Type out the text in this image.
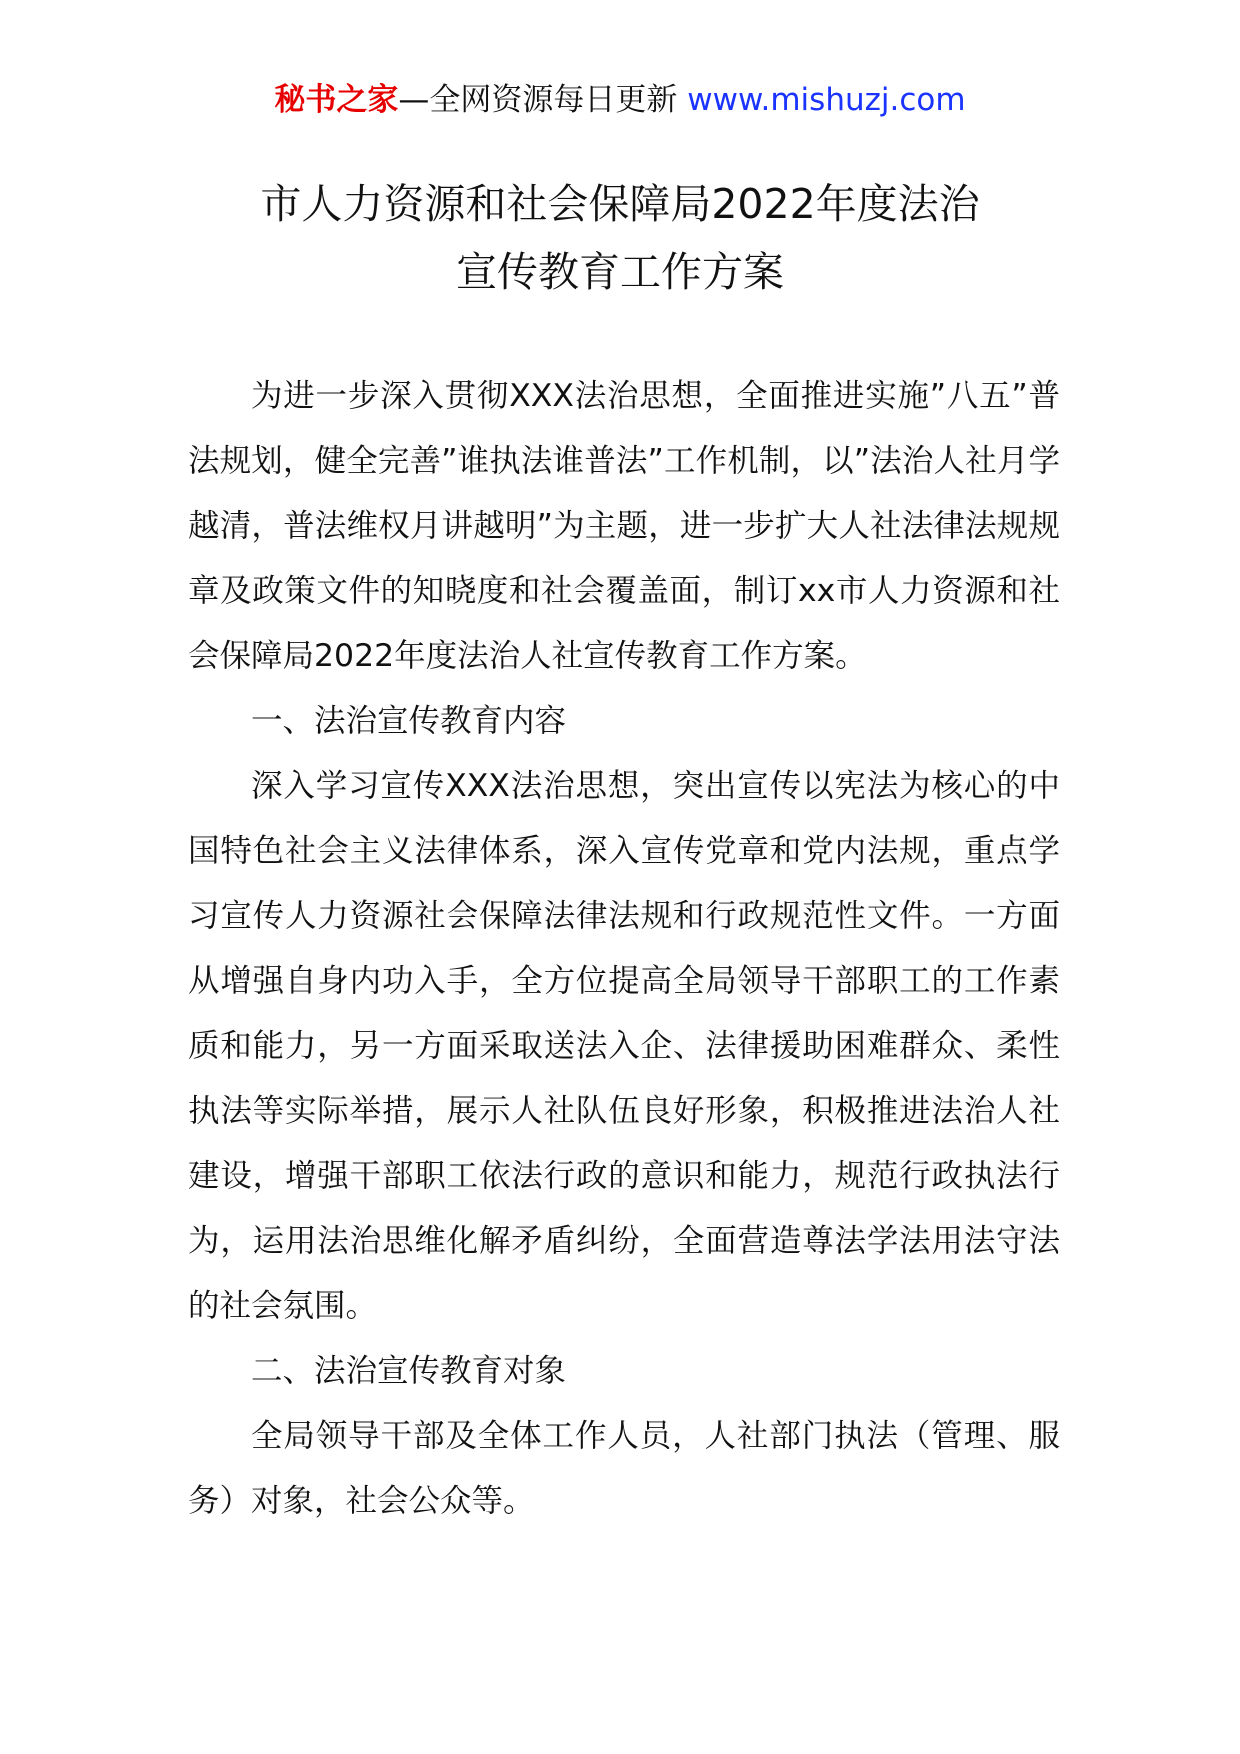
秘书之家—全网资源每日更新 www.mishuzj.com
市人力资源和社会保障局2022年度法治
宣传教育工作方案

为进一步深入贯彻XXX法治思想，全面推进实施”八五”普法规划，健全完善”谁执法谁普法”工作机制，以”法治人社月学越清，普法维权月讲越明”为主题，进一步扩大人社法律法规规章及政策文件的知晓度和社会覆盖面，制订xx市人力资源和社会保障局2022年度法治人社宣传教育工作方案。

一、法治宣传教育内容

深入学习宣传XXX法治思想，突出宣传以宪法为核心的中国特色社会主义法律体系，深入宣传党章和党内法规，重点学习宣传人力资源社会保障法律法规和行政规范性文件。一方面从增强自身内功入手，全方位提高全局领导干部职工的工作素质和能力，另一方面采取送法入企、法律援助困难群众、柔性执法等实际举措，展示人社队伍良好形象，积极推进法治人社建设，增强干部职工依法行政的意识和能力，规范行政执法行为，运用法治思维化解矛盾纠纷，全面营造尊法学法用法守法的社会氛围。

二、法治宣传教育对象

全局领导干部及全体工作人员，人社部门执法（管理、服务）对象，社会公众等。
